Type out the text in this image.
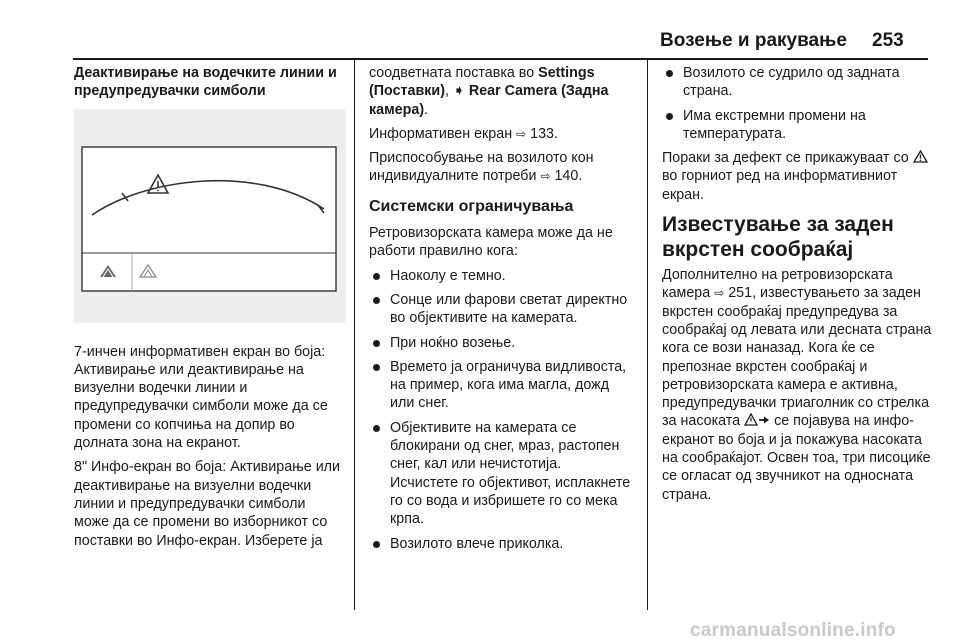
Возење и ракување 253
Деактивирање на водечките линии и предупредувачки симболи

7-инчен информативен екран во боја: Активирање или деактивирање на визуелни водечки линии и предупредувачки симболи може да се промени со копчињa на допир во долната зона на екранот.

8" Инфо-екран во боја: Активирање или деактивирање на визуелни водечки линии и предупредувачки симболи може да се промени во изборникот со поставки во Инфо-екран. Изберете ја

соодветната поставка во Settings (Поставки), ➧ Rear Camera (Задна камера).

Информативен екран ⇨ 133.

Приспособување на возилото кон индивидуалните потреби ⇨ 140.

Системски ограничувања

Ретровизорската камера може да не работи правилно кога:

Наоколу е темно.
Сонце или фарови светат директно во објективите на камерата.
При ноќно возење.
Времето ја ограничува видливоста, на пример, кога има магла, дожд или снег.
Објективите на камерата се блокирани од снег, мраз, растопен снег, кал или нечистотија. Исчистете го објективот, исплакнете го со вода и избришете го со мека крпа.
Возилото влече приколка.
Возилото се судрило од задната страна.
Има екстремни промени на температурата.

Пораки за дефект се прикажуваат со  во горниот ред на информативниот екран.

Известување за заден вкрстен сообраќај

Дополнително на ретровизорската камера ⇨ 251, известувањето за заден вкрстен сообраќај предупредува за сообраќај од левата или десната страна кога се вози наназад. Кога ќе се препознае вкрстен сообраќај и ретровизорската камера е активна, предупредувачки триаголник со стрелка за насоката  се појавува на инфо-екранот во боја и ја покажува насоката на сообраќајот. Освен тоа, три писоциќе се огласат од звучникот на односната страна.

carmanualsonline.info
